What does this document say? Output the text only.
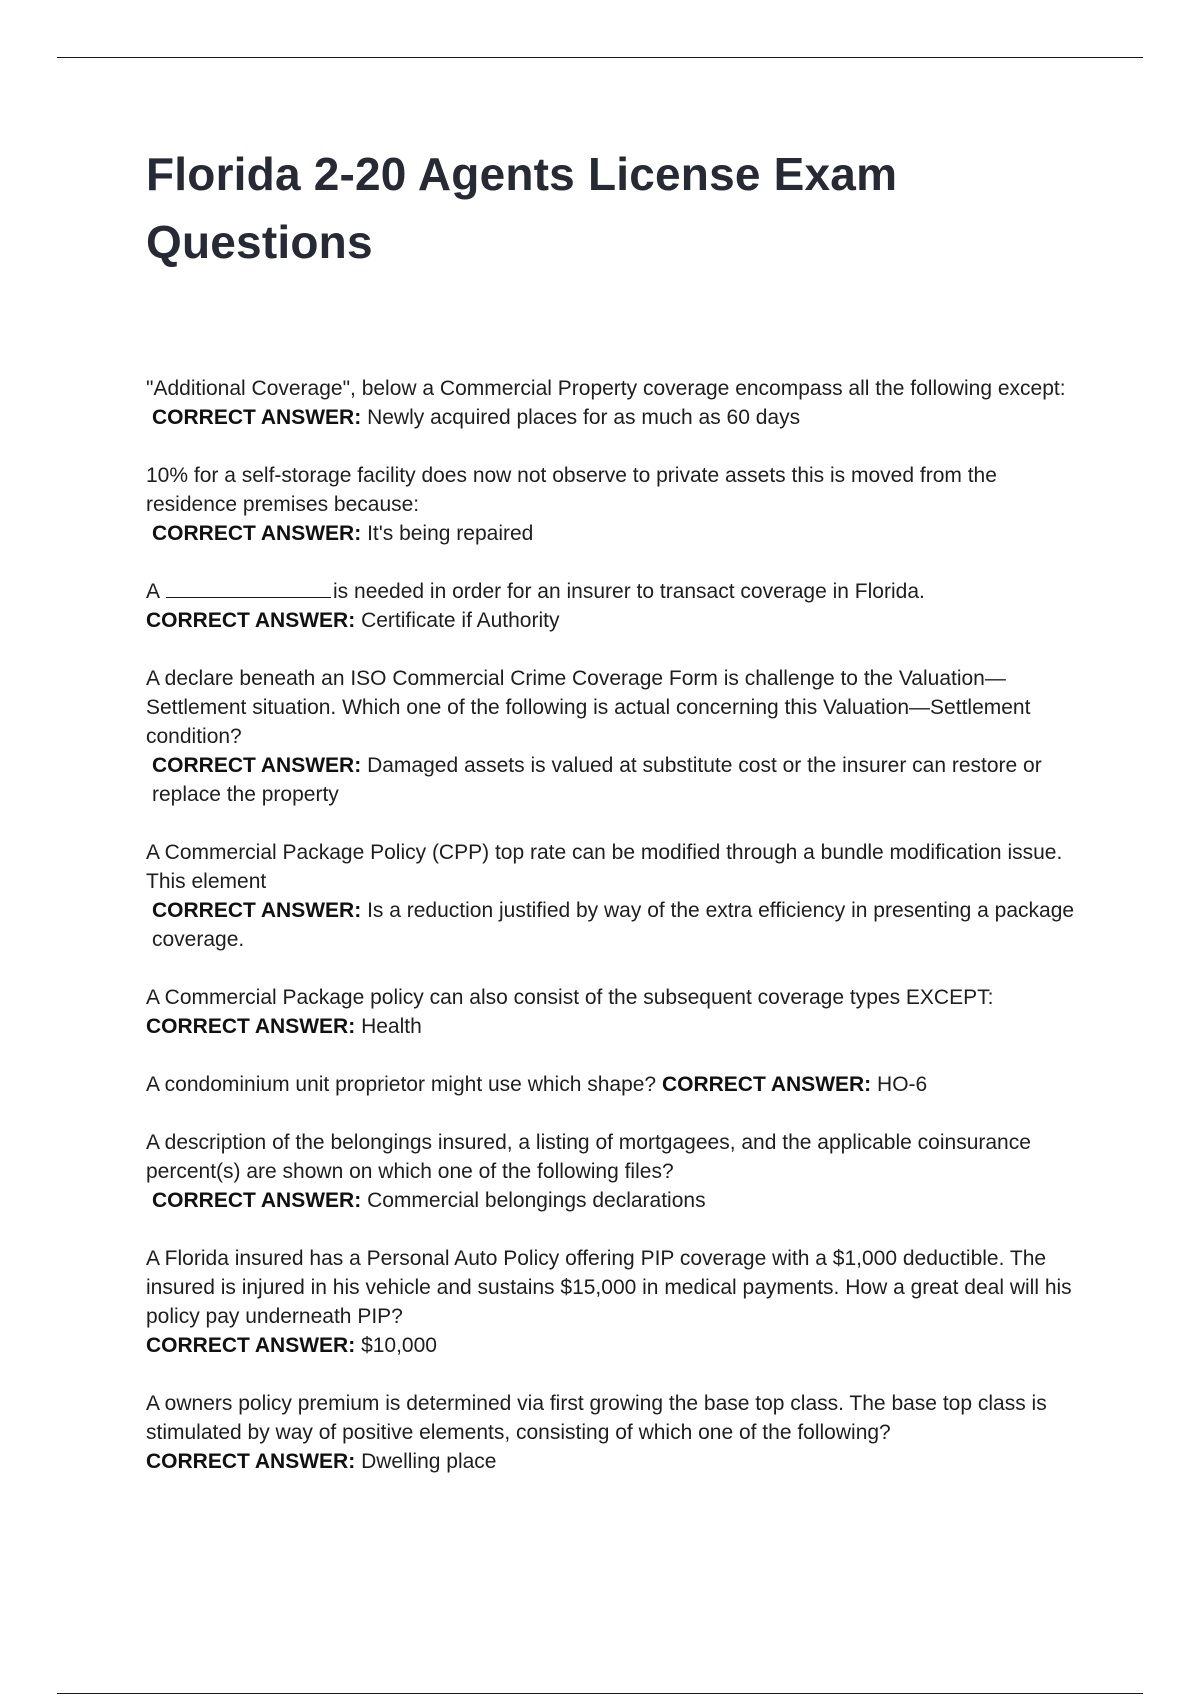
Florida 2-20 Agents License Exam
Questions
"Additional Coverage", below a Commercial Property coverage encompass all the following except:
CORRECT ANSWER: Newly acquired places for as much as 60 days
10% for a self-storage facility does now not observe to private assets this is moved from the residence premises because:
CORRECT ANSWER: It's being repaired
A	is needed in order for an insurer to transact coverage in Florida.
CORRECT ANSWER: Certificate if Authority
A declare beneath an ISO Commercial Crime Coverage Form is challenge to the Valuation—Settlement situation. Which one of the following is actual concerning this Valuation—Settlement condition?
CORRECT ANSWER: Damaged assets is valued at substitute cost or the insurer can restore or replace the property
A Commercial Package Policy (CPP) top rate can be modified through a bundle modification issue. This element
CORRECT ANSWER: Is a reduction justified by way of the extra efficiency in presenting a package coverage.
A Commercial Package policy can also consist of the subsequent coverage types EXCEPT:
CORRECT ANSWER: Health
A condominium unit proprietor might use which shape? CORRECT ANSWER: HO-6
A description of the belongings insured, a listing of mortgagees, and the applicable coinsurance percent(s) are shown on which one of the following files?
CORRECT ANSWER: Commercial belongings declarations
A Florida insured has a Personal Auto Policy offering PIP coverage with a $1,000 deductible. The insured is injured in his vehicle and sustains $15,000 in medical payments. How a great deal will his policy pay underneath PIP?
CORRECT ANSWER: $10,000
A owners policy premium is determined via first growing the base top class. The base top class is stimulated by way of positive elements, consisting of which one of the following?
CORRECT ANSWER: Dwelling place
